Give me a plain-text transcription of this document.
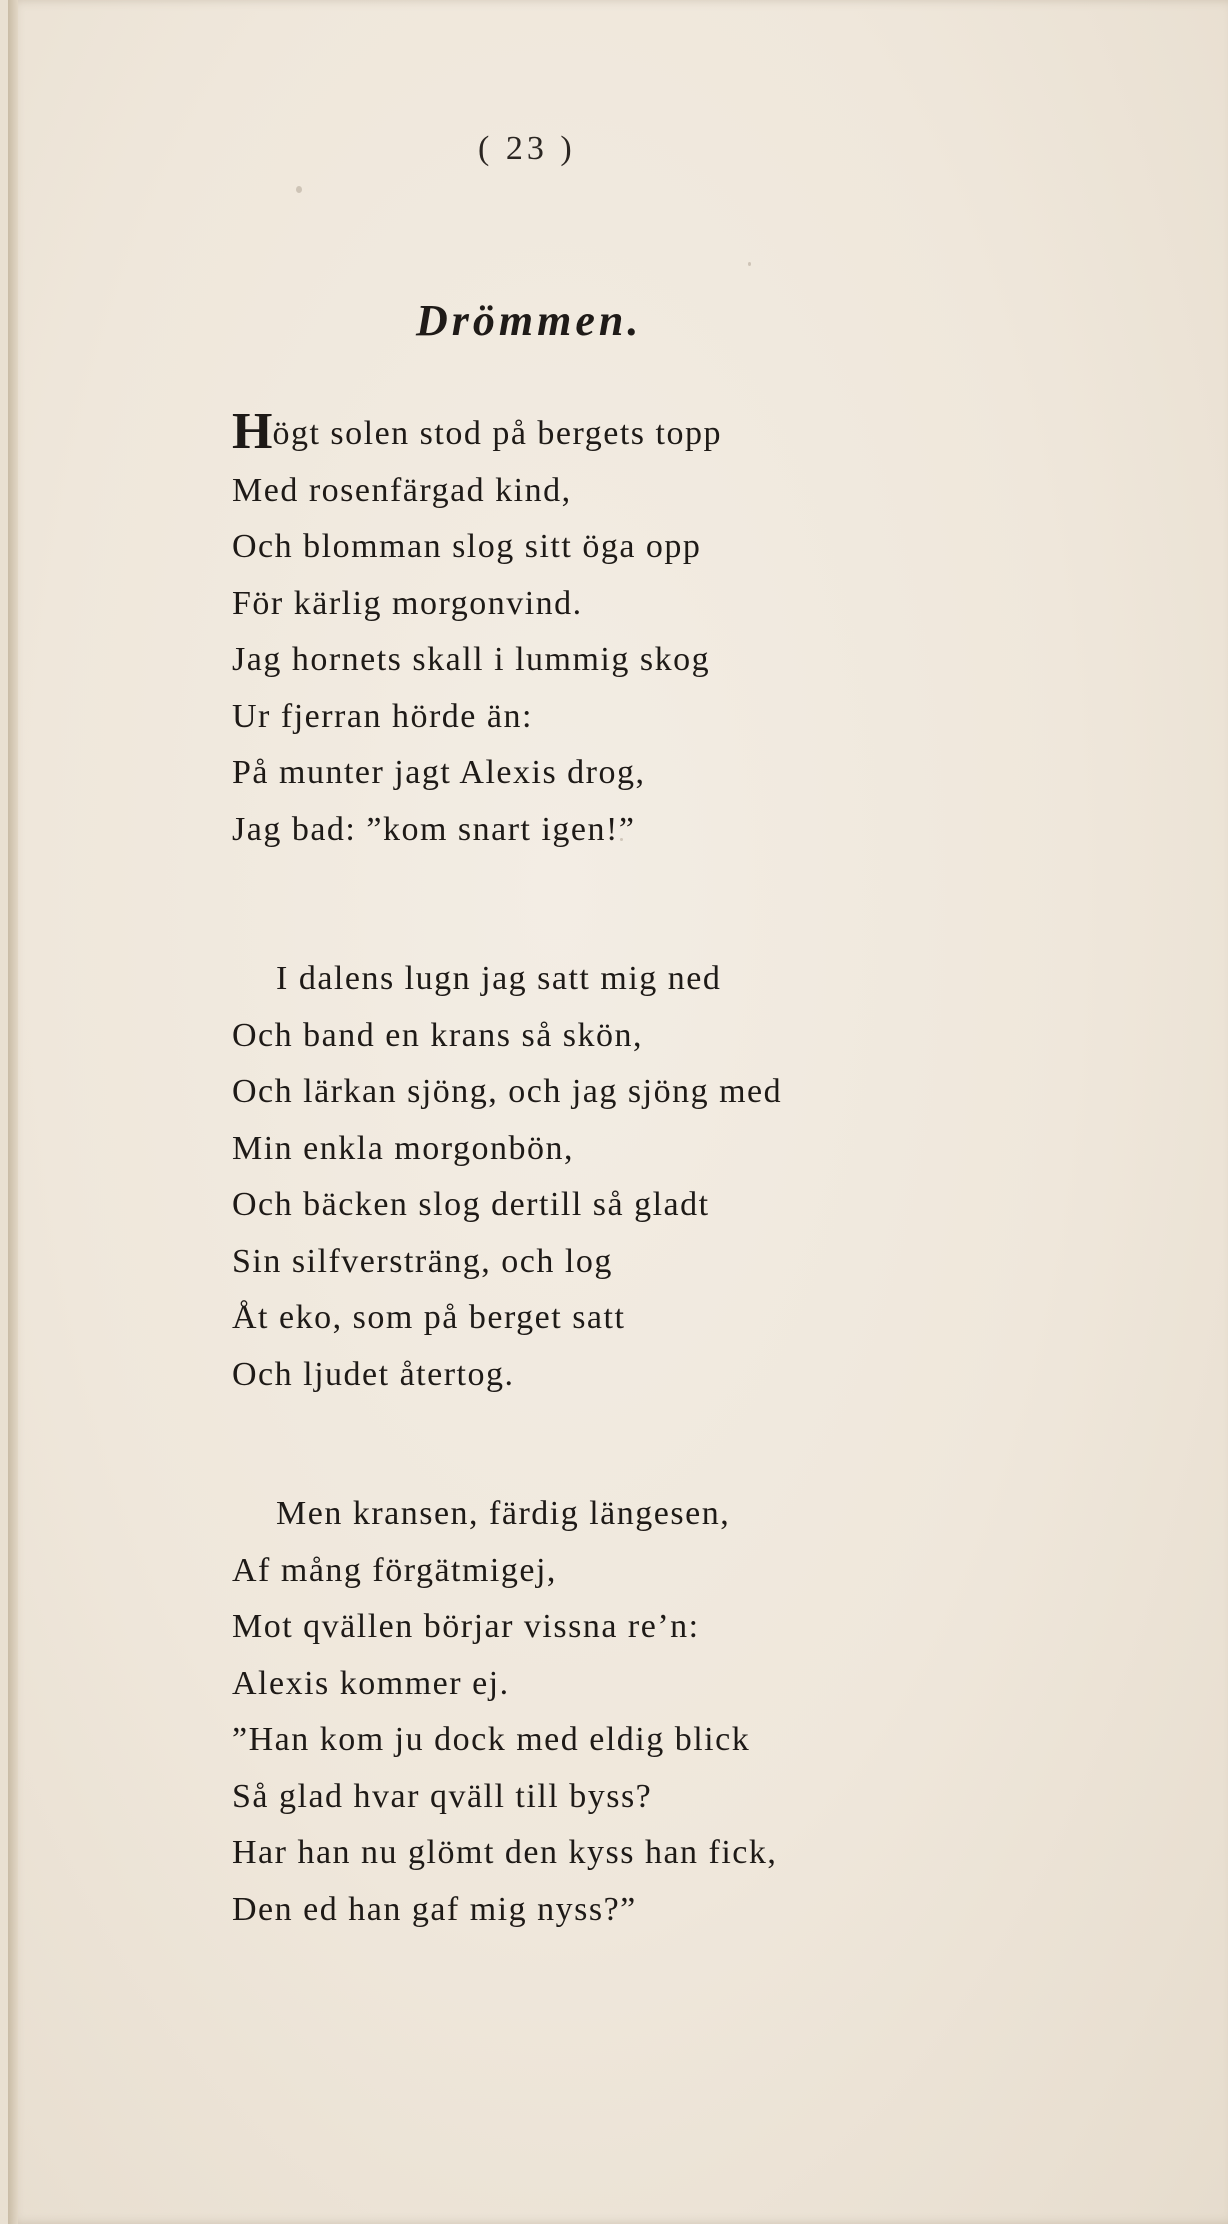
( 23 )
Drömmen.
Högt solen stod på bergets topp
Med rosenfärgad kind,
Och blomman slog sitt öga opp
För kärlig morgonvind.
Jag hornets skall i lummig skog
Ur fjerran hörde än:
På munter jagt Alexis drog,
Jag bad: ”kom snart igen!”
I dalens lugn jag satt mig ned
Och band en krans så skön,
Och lärkan sjöng, och jag sjöng med
Min enkla morgonbön,
Och bäcken slog dertill så gladt
Sin silfversträng, och log
Åt eko, som på berget satt
Och ljudet återtog.
Men kransen, färdig längesen,
Af mång förgätmigej,
Mot qvällen börjar vissna re’n:
Alexis kommer ej.
”Han kom ju dock med eldig blick
Så glad hvar qväll till byss?
Har han nu glömt den kyss han fick,
Den ed han gaf mig nyss?”
